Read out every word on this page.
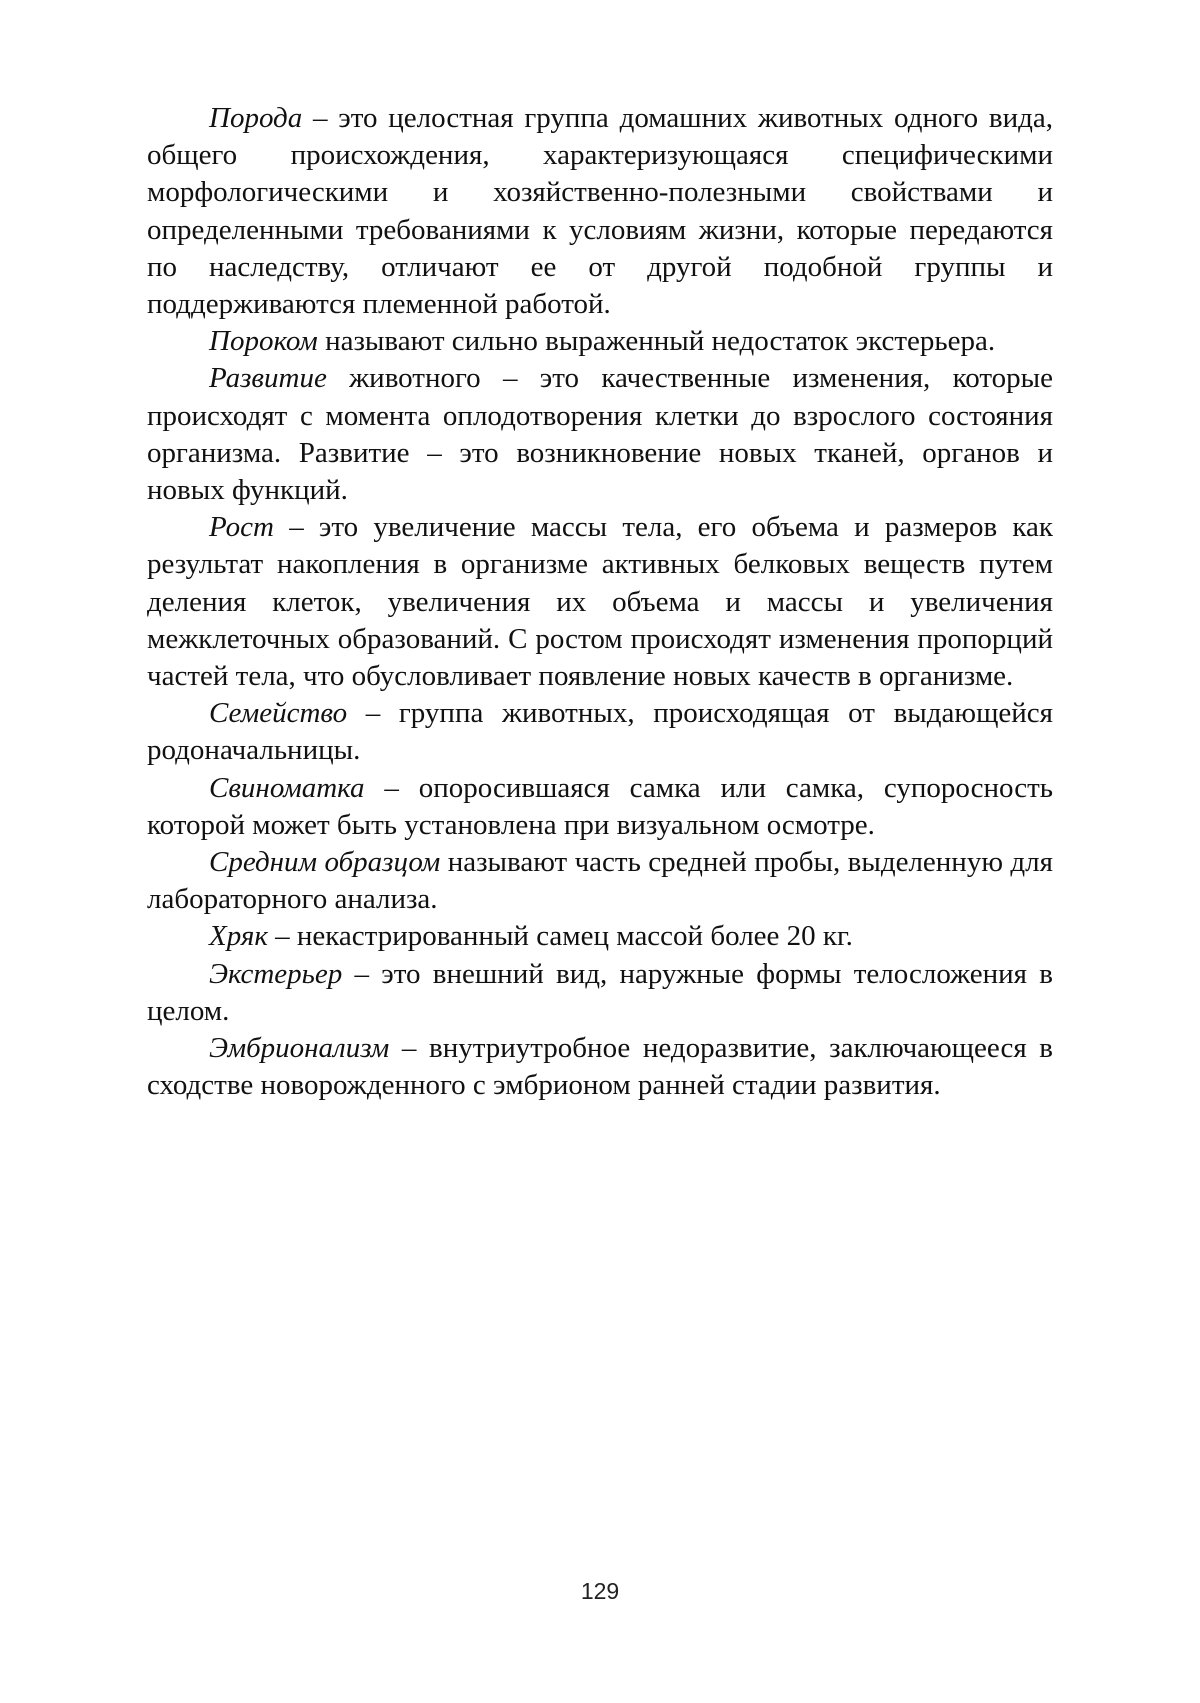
Порода – это целостная группа домашних животных одного вида, общего происхождения, характеризующаяся специфическими морфологическими и хозяйственно-полезными свойствами и определенными требованиями к условиям жизни, которые передаются по наследству, отличают ее от другой подобной группы и поддерживаются племенной работой.

Пороком называют сильно выраженный недостаток экстерьера.

Развитие животного – это качественные изменения, которые происходят с момента оплодотворения клетки до взрослого состояния организма. Развитие – это возникновение новых тканей, органов и новых функций.

Рост – это увеличение массы тела, его объема и размеров как результат накопления в организме активных белковых веществ путем деления клеток, увеличения их объема и массы и увеличения межклеточных образований. С ростом происходят изменения пропорций частей тела, что обусловливает появление новых качеств в организме.

Семейство – группа животных, происходящая от выдающейся родоначальницы.

Свиноматка – опоросившаяся самка или самка, супоросность которой может быть установлена при визуальном осмотре.

Средним образцом называют часть средней пробы, выделенную для лабораторного анализа.

Хряк – некастрированный самец массой более 20 кг.

Экстерьер – это внешний вид, наружные формы телосложения в целом.

Эмбрионализм – внутриутробное недоразвитие, заключающееся в сходстве новорожденного с эмбрионом ранней стадии развития.

129
